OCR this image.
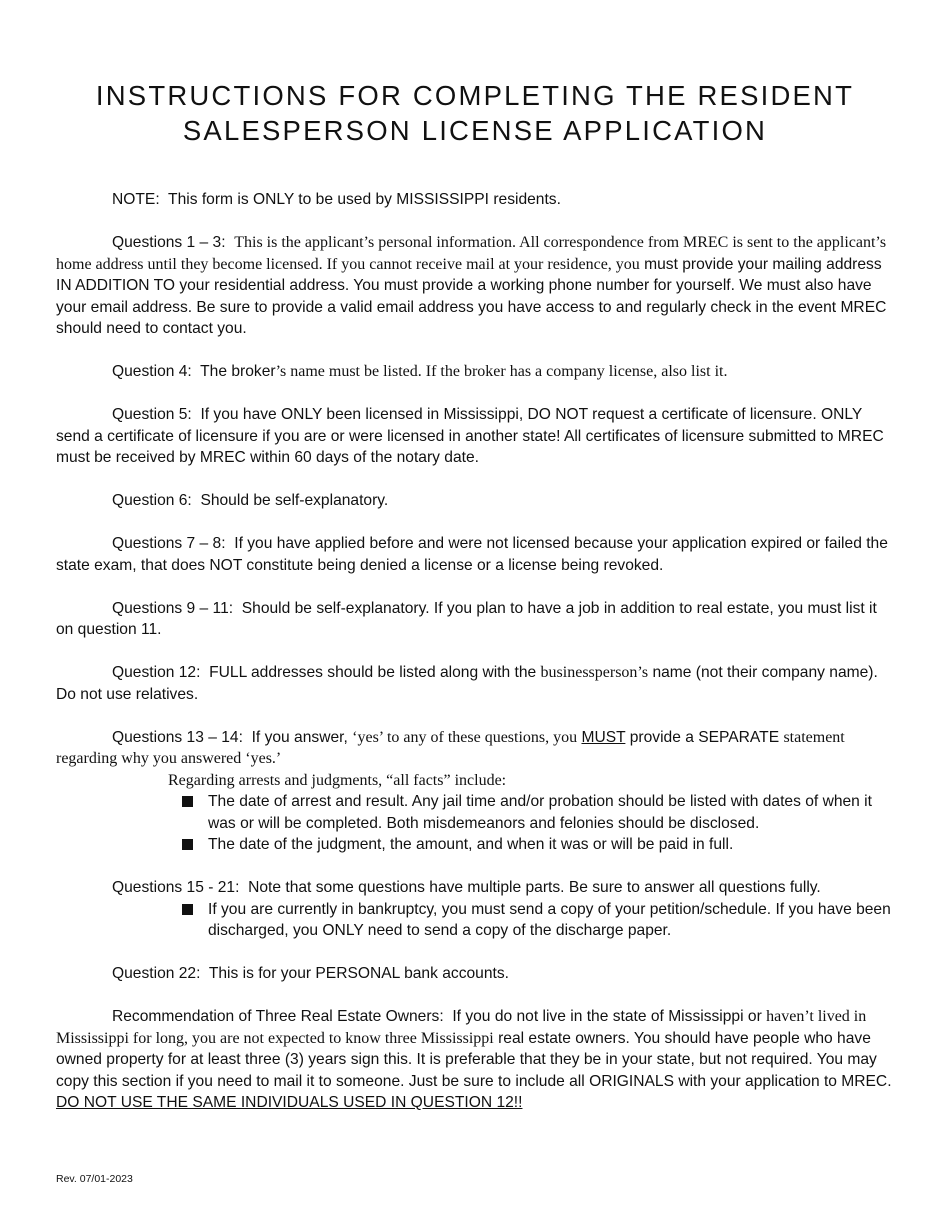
INSTRUCTIONS FOR COMPLETING THE RESIDENT
SALESPERSON LICENSE APPLICATION

NOTE: This form is ONLY to be used by MISSISSIPPI residents.

Questions 1 – 3: This is the applicant’s personal information. All correspondence from MREC is sent to the applicant’s home address until they become licensed. If you cannot receive mail at your residence, you must provide your mailing address IN ADDITION TO your residential address. You must provide a working phone number for yourself. We must also have your email address. Be sure to provide a valid email address you have access to and regularly check in the event MREC should need to contact you.

Question 4: The broker’s name must be listed. If the broker has a company license, also list it.

Question 5: If you have ONLY been licensed in Mississippi, DO NOT request a certificate of licensure. ONLY send a certificate of licensure if you are or were licensed in another state! All certificates of licensure submitted to MREC must be received by MREC within 60 days of the notary date.

Question 6: Should be self-explanatory.

Questions 7 – 8: If you have applied before and were not licensed because your application expired or failed the state exam, that does NOT constitute being denied a license or a license being revoked.

Questions 9 – 11: Should be self-explanatory. If you plan to have a job in addition to real estate, you must list it on question 11.

Question 12: FULL addresses should be listed along with the businessperson’s name (not their company name). Do not use relatives.

Questions 13 – 14: If you answer, ‘yes’ to any of these questions, you MUST provide a SEPARATE statement regarding why you answered ‘yes.’

Regarding arrests and judgments, “all facts” include:

The date of arrest and result. Any jail time and/or probation should be listed with dates of when it was or will be completed. Both misdemeanors and felonies should be disclosed.
The date of the judgment, the amount, and when it was or will be paid in full.

Questions 15 - 21: Note that some questions have multiple parts. Be sure to answer all questions fully.

If you are currently in bankruptcy, you must send a copy of your petition/schedule. If you have been discharged, you ONLY need to send a copy of the discharge paper.

Question 22: This is for your PERSONAL bank accounts.

Recommendation of Three Real Estate Owners: If you do not live in the state of Mississippi or haven’t lived in Mississippi for long, you are not expected to know three Mississippi real estate owners. You should have people who have owned property for at least three (3) years sign this. It is preferable that they be in your state, but not required. You may copy this section if you need to mail it to someone. Just be sure to include all ORIGINALS with your application to MREC. DO NOT USE THE SAME INDIVIDUALS USED IN QUESTION 12!!

Rev. 07/01-2023
